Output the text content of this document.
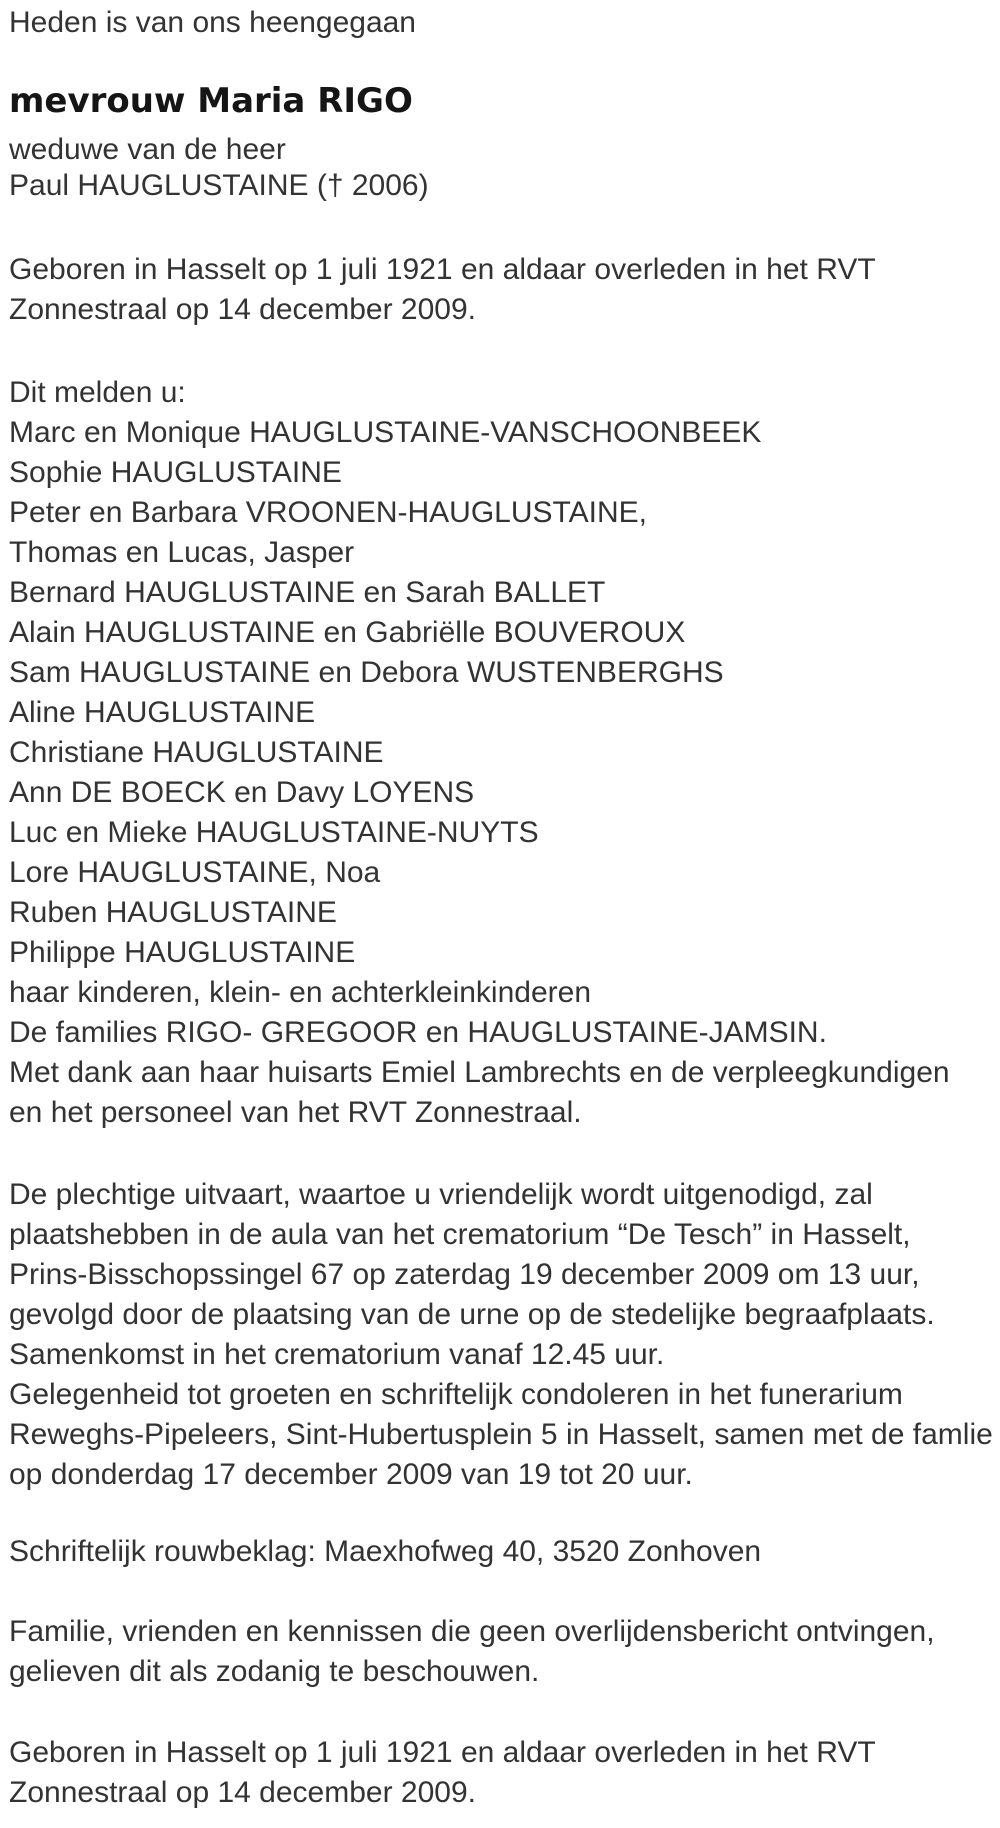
Heden is van ons heengegaan
mevrouw Maria RIGO
weduwe van de heer
Paul HAUGLUSTAINE († 2006)
Geboren in Hasselt op 1 juli 1921 en aldaar overleden in het RVT
Zonnestraal op 14 december 2009.
Dit melden u:
Marc en Monique HAUGLUSTAINE-VANSCHOONBEEK
Sophie HAUGLUSTAINE
Peter en Barbara VROONEN-HAUGLUSTAINE,
Thomas en Lucas, Jasper
Bernard HAUGLUSTAINE en Sarah BALLET
Alain HAUGLUSTAINE en Gabriëlle BOUVEROUX
Sam HAUGLUSTAINE en Debora WUSTENBERGHS
Aline HAUGLUSTAINE
Christiane HAUGLUSTAINE
Ann DE BOECK en Davy LOYENS
Luc en Mieke HAUGLUSTAINE-NUYTS
Lore HAUGLUSTAINE, Noa
Ruben HAUGLUSTAINE
Philippe HAUGLUSTAINE
haar kinderen, klein- en achterkleinkinderen
De families RIGO- GREGOOR en HAUGLUSTAINE-JAMSIN.
Met dank aan haar huisarts Emiel Lambrechts en de verpleegkundigen
en het personeel van het RVT Zonnestraal.
De plechtige uitvaart, waartoe u vriendelijk wordt uitgenodigd, zal
plaatshebben in de aula van het crematorium “De Tesch” in Hasselt,
Prins-Bisschopssingel 67 op zaterdag 19 december 2009 om 13 uur,
gevolgd door de plaatsing van de urne op de stedelijke begraafplaats.
Samenkomst in het crematorium vanaf 12.45 uur.
Gelegenheid tot groeten en schriftelijk condoleren in het funerarium
Reweghs-Pipeleers, Sint-Hubertusplein 5 in Hasselt, samen met de famlie
op donderdag 17 december 2009 van 19 tot 20 uur.
Schriftelijk rouwbeklag: Maexhofweg 40, 3520 Zonhoven
Familie, vrienden en kennissen die geen overlijdensbericht ontvingen,
gelieven dit als zodanig te beschouwen.
Geboren in Hasselt op 1 juli 1921 en aldaar overleden in het RVT
Zonnestraal op 14 december 2009.
